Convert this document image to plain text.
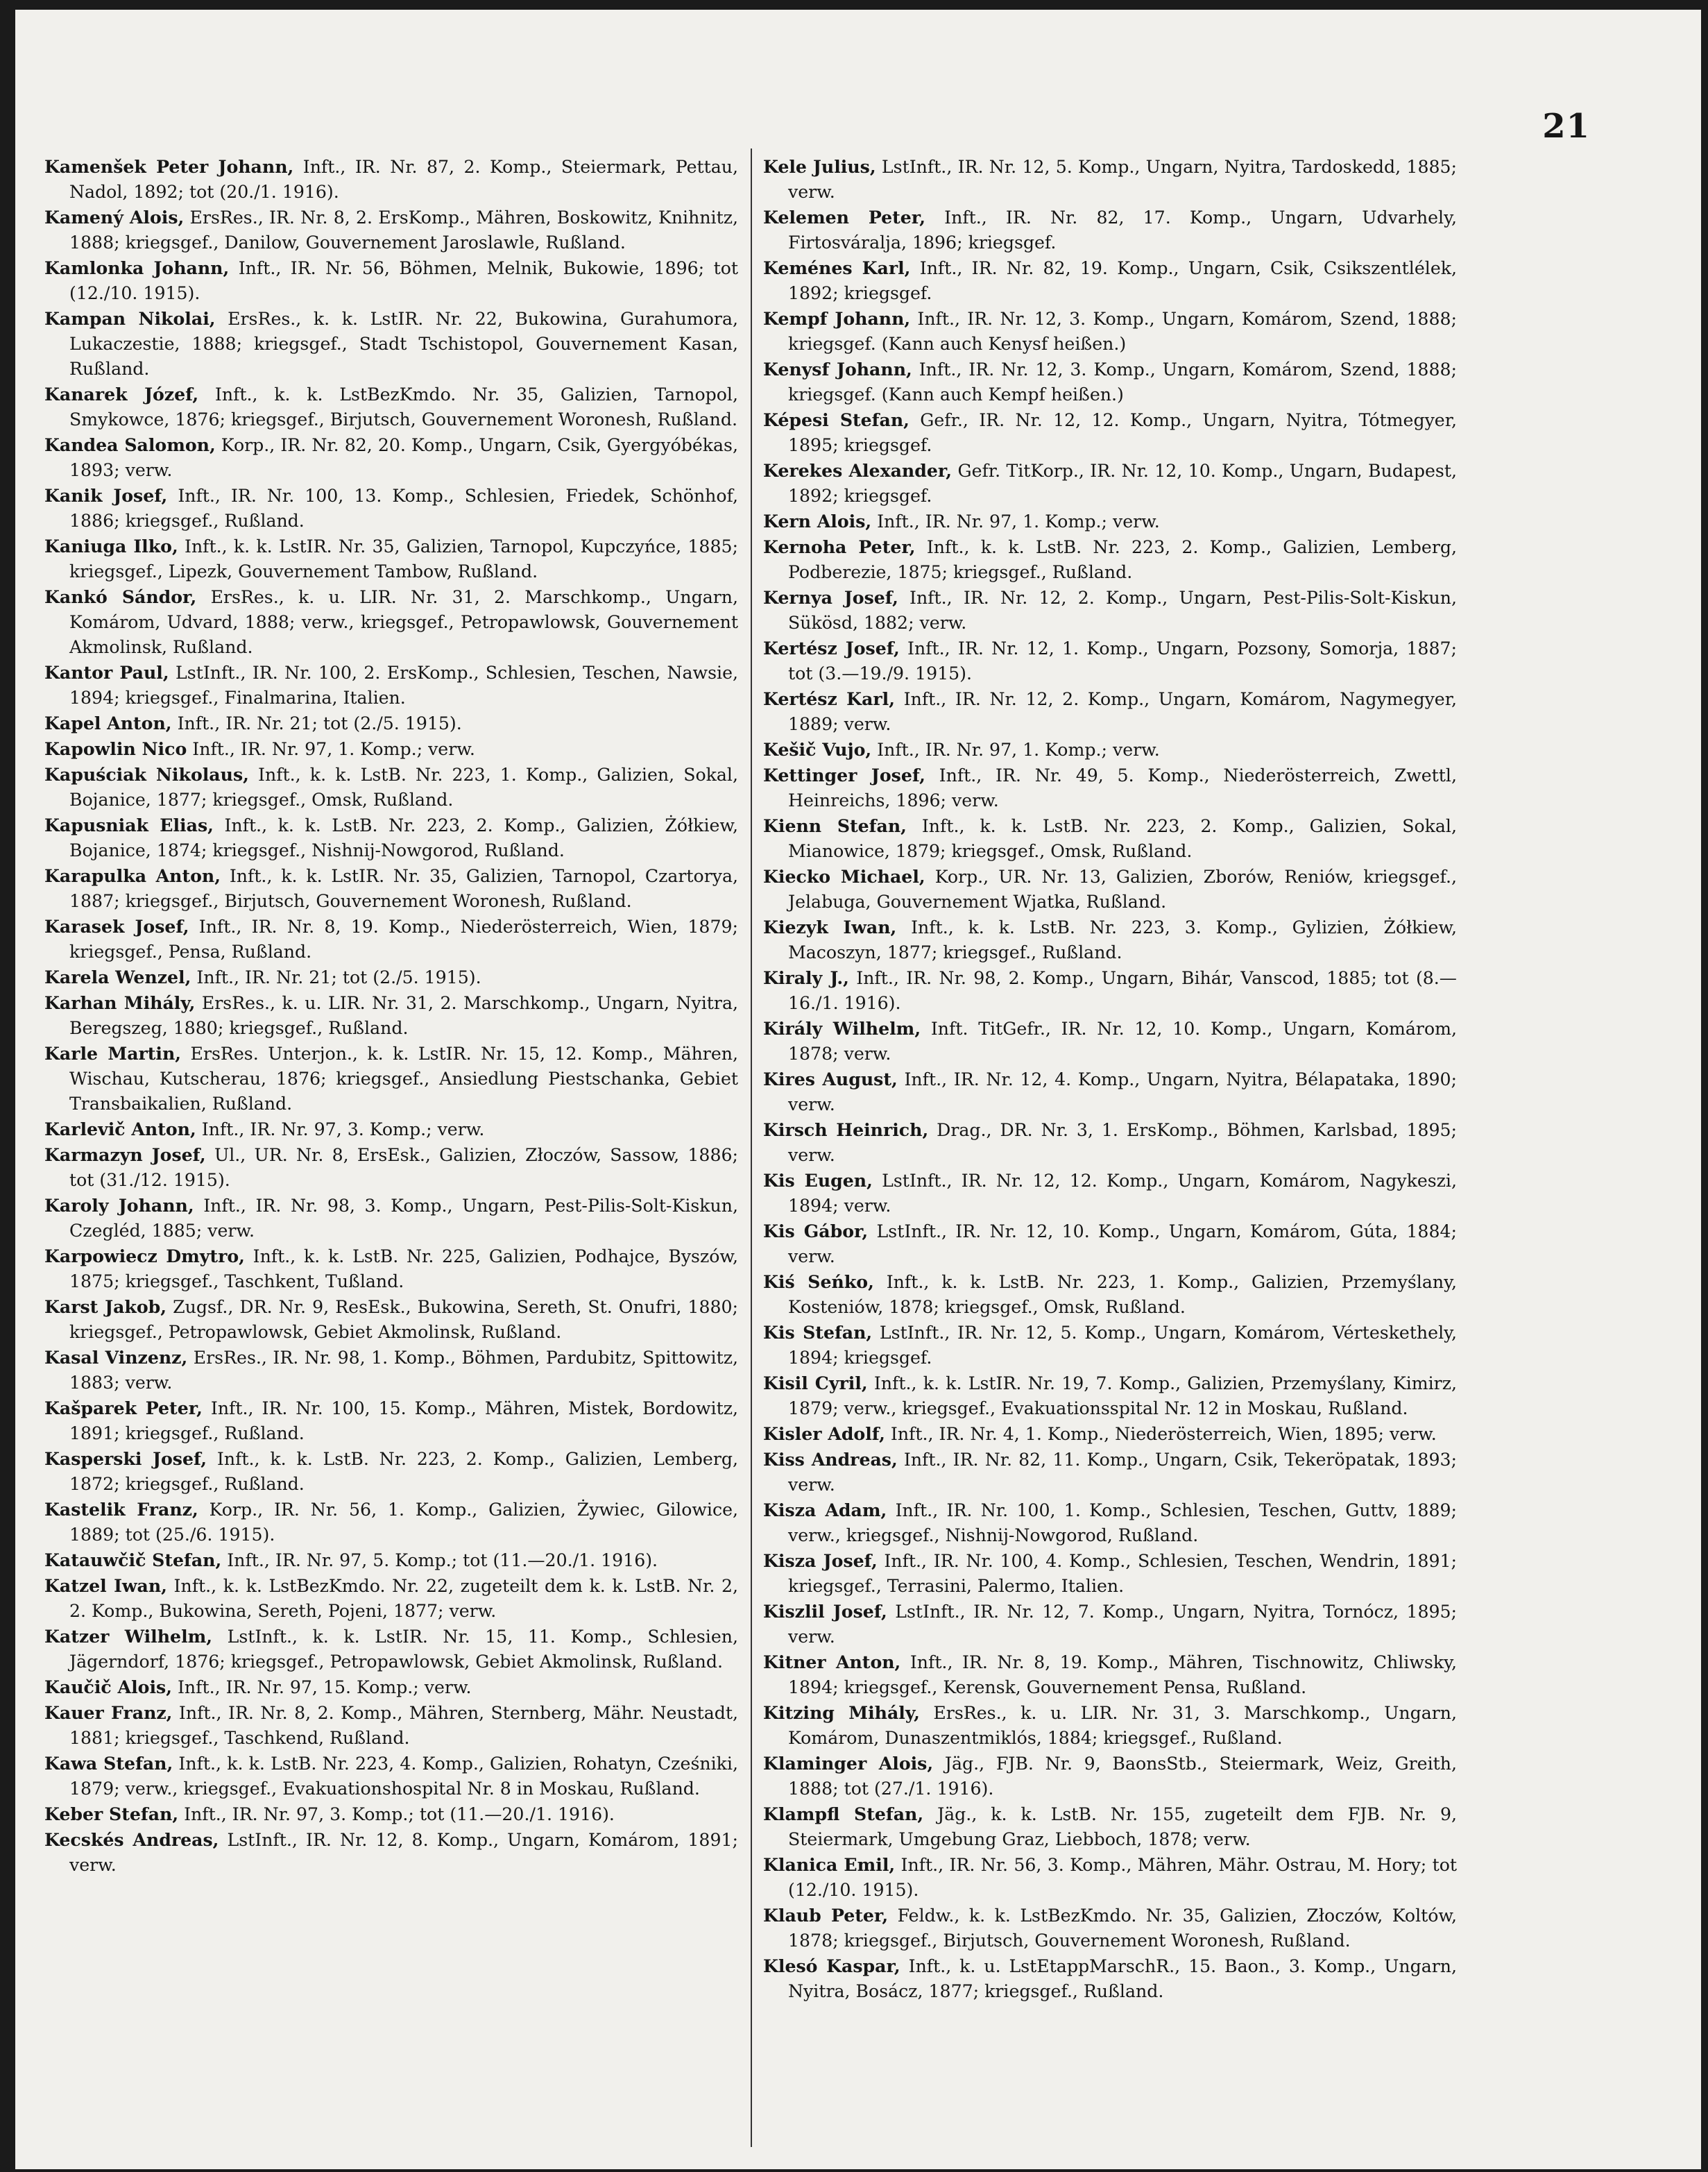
21

Kamenšek Peter Johann, Inft., IR. Nr. 87, 2. Komp., Steiermark, Pettau, Nadol, 1892; tot (20./1. 1916).

Kamený Alois, ErsRes., IR. Nr. 8, 2. ErsKomp., Mähren, Boskowitz, Knihnitz, 1888; kriegsgef., Danilow, Gouvernement Jaroslawle, Rußland.

Kamlonka Johann, Inft., IR. Nr. 56, Böhmen, Melnik, Bukowie, 1896; tot (12./10. 1915).

Kampan Nikolai, ErsRes., k. k. LstIR. Nr. 22, Bukowina, Gurahumora, Lukaczestie, 1888; kriegsgef., Stadt Tschistopol, Gouvernement Kasan, Rußland.

Kanarek Józef, Inft., k. k. LstBezKmdo. Nr. 35, Galizien, Tarnopol, Smykowce, 1876; kriegsgef., Birjutsch, Gouvernement Woronesh, Rußland.

Kandea Salomon, Korp., IR. Nr. 82, 20. Komp., Ungarn, Csik, Gyergyóbékas, 1893; verw.

Kanik Josef, Inft., IR. Nr. 100, 13. Komp., Schlesien, Friedek, Schönhof, 1886; kriegsgef., Rußland.

Kaniuga Ilko, Inft., k. k. LstIR. Nr. 35, Galizien, Tarnopol, Kupczyńce, 1885; kriegsgef., Lipezk, Gouvernement Tambow, Rußland.

Kankó Sándor, ErsRes., k. u. LIR. Nr. 31, 2. Marschkomp., Ungarn, Komárom, Udvard, 1888; verw., kriegsgef., Petropawlowsk, Gouvernement Akmolinsk, Rußland.

Kantor Paul, LstInft., IR. Nr. 100, 2. ErsKomp., Schlesien, Teschen, Nawsie, 1894; kriegsgef., Finalmarina, Italien.

Kapel Anton, Inft., IR. Nr. 21; tot (2./5. 1915).

Kapowlin Nico Inft., IR. Nr. 97, 1. Komp.; verw.

Kapuściak Nikolaus, Inft., k. k. LstB. Nr. 223, 1. Komp., Galizien, Sokal, Bojanice, 1877; kriegsgef., Omsk, Rußland.

Kapusniak Elias, Inft., k. k. LstB. Nr. 223, 2. Komp., Galizien, Żółkiew, Bojanice, 1874; kriegsgef., Nishnij-Nowgorod, Rußland.

Karapulka Anton, Inft., k. k. LstIR. Nr. 35, Galizien, Tarnopol, Czartorya, 1887; kriegsgef., Birjutsch, Gouvernement Woronesh, Rußland.

Karasek Josef, Inft., IR. Nr. 8, 19. Komp., Niederösterreich, Wien, 1879; kriegsgef., Pensa, Rußland.

Karela Wenzel, Inft., IR. Nr. 21; tot (2./5. 1915).

Karhan Mihály, ErsRes., k. u. LIR. Nr. 31, 2. Marschkomp., Ungarn, Nyitra, Beregszeg, 1880; kriegsgef., Rußland.

Karle Martin, ErsRes. Unterjon., k. k. LstIR. Nr. 15, 12. Komp., Mähren, Wischau, Kutscherau, 1876; kriegsgef., Ansiedlung Piestschanka, Gebiet Transbaikalien, Rußland.

Karlevič Anton, Inft., IR. Nr. 97, 3. Komp.; verw.

Karmazyn Josef, Ul., UR. Nr. 8, ErsEsk., Galizien, Złoczów, Sassow, 1886; tot (31./12. 1915).

Karoly Johann, Inft., IR. Nr. 98, 3. Komp., Ungarn, Pest-Pilis-Solt-Kiskun, Czegléd, 1885; verw.

Karpowiecz Dmytro, Inft., k. k. LstB. Nr. 225, Galizien, Podhajce, Byszów, 1875; kriegsgef., Taschkent, Tußland.

Karst Jakob, Zugsf., DR. Nr. 9, ResEsk., Bukowina, Sereth, St. Onufri, 1880; kriegsgef., Petropawlowsk, Gebiet Akmolinsk, Rußland.

Kasal Vinzenz, ErsRes., IR. Nr. 98, 1. Komp., Böhmen, Pardubitz, Spittowitz, 1883; verw.

Kašparek Peter, Inft., IR. Nr. 100, 15. Komp., Mähren, Mistek, Bordowitz, 1891; kriegsgef., Rußland.

Kasperski Josef, Inft., k. k. LstB. Nr. 223, 2. Komp., Galizien, Lemberg, 1872; kriegsgef., Rußland.

Kastelik Franz, Korp., IR. Nr. 56, 1. Komp., Galizien, Żywiec, Gilowice, 1889; tot (25./6. 1915).

Katauwčič Stefan, Inft., IR. Nr. 97, 5. Komp.; tot (11.—20./1. 1916).

Katzel Iwan, Inft., k. k. LstBezKmdo. Nr. 22, zugeteilt dem k. k. LstB. Nr. 2, 2. Komp., Bukowina, Sereth, Pojeni, 1877; verw.

Katzer Wilhelm, LstInft., k. k. LstIR. Nr. 15, 11. Komp., Schlesien, Jägerndorf, 1876; kriegsgef., Petropawlowsk, Gebiet Akmolinsk, Rußland.

Kaučič Alois, Inft., IR. Nr. 97, 15. Komp.; verw.

Kauer Franz, Inft., IR. Nr. 8, 2. Komp., Mähren, Sternberg, Mähr. Neustadt, 1881; kriegsgef., Taschkend, Rußland.

Kawa Stefan, Inft., k. k. LstB. Nr. 223, 4. Komp., Galizien, Rohatyn, Cześniki, 1879; verw., kriegsgef., Evakuationshospital Nr. 8 in Moskau, Rußland.

Keber Stefan, Inft., IR. Nr. 97, 3. Komp.; tot (11.—20./1. 1916).

Kecskés Andreas, LstInft., IR. Nr. 12, 8. Komp., Ungarn, Komárom, 1891; verw.

Kele Julius, LstInft., IR. Nr. 12, 5. Komp., Ungarn, Nyitra, Tardoskedd, 1885; verw.

Kelemen Peter, Inft., IR. Nr. 82, 17. Komp., Ungarn, Udvarhely, Firtosváralja, 1896; kriegsgef.

Keménes Karl, Inft., IR. Nr. 82, 19. Komp., Ungarn, Csik, Csikszentlélek, 1892; kriegsgef.

Kempf Johann, Inft., IR. Nr. 12, 3. Komp., Ungarn, Komárom, Szend, 1888; kriegsgef. (Kann auch Kenysf heißen.)

Kenysf Johann, Inft., IR. Nr. 12, 3. Komp., Ungarn, Komárom, Szend, 1888; kriegsgef. (Kann auch Kempf heißen.)

Képesi Stefan, Gefr., IR. Nr. 12, 12. Komp., Ungarn, Nyitra, Tótmegyer, 1895; kriegsgef.

Kerekes Alexander, Gefr. TitKorp., IR. Nr. 12, 10. Komp., Ungarn, Budapest, 1892; kriegsgef.

Kern Alois, Inft., IR. Nr. 97, 1. Komp.; verw.

Kernoha Peter, Inft., k. k. LstB. Nr. 223, 2. Komp., Galizien, Lemberg, Podberezie, 1875; kriegsgef., Rußland.

Kernya Josef, Inft., IR. Nr. 12, 2. Komp., Ungarn, Pest-Pilis-Solt-Kiskun, Sükösd, 1882; verw.

Kertész Josef, Inft., IR. Nr. 12, 1. Komp., Ungarn, Pozsony, Somorja, 1887; tot (3.—19./9. 1915).

Kertész Karl, Inft., IR. Nr. 12, 2. Komp., Ungarn, Komárom, Nagymegyer, 1889; verw.

Kešič Vujo, Inft., IR. Nr. 97, 1. Komp.; verw.

Kettinger Josef, Inft., IR. Nr. 49, 5. Komp., Niederösterreich, Zwettl, Heinreichs, 1896; verw.

Kienn Stefan, Inft., k. k. LstB. Nr. 223, 2. Komp., Galizien, Sokal, Mianowice, 1879; kriegsgef., Omsk, Rußland.

Kiecko Michael, Korp., UR. Nr. 13, Galizien, Zborów, Reniów, kriegsgef., Jelabuga, Gouvernement Wjatka, Rußland.

Kiezyk Iwan, Inft., k. k. LstB. Nr. 223, 3. Komp., Gylizien, Żółkiew, Macoszyn, 1877; kriegsgef., Rußland.

Kiraly J., Inft., IR. Nr. 98, 2. Komp., Ungarn, Bihár, Vanscod, 1885; tot (8.—16./1. 1916).

Király Wilhelm, Inft. TitGefr., IR. Nr. 12, 10. Komp., Ungarn, Komárom, 1878; verw.

Kires August, Inft., IR. Nr. 12, 4. Komp., Ungarn, Nyitra, Bélapataka, 1890; verw.

Kirsch Heinrich, Drag., DR. Nr. 3, 1. ErsKomp., Böhmen, Karlsbad, 1895; verw.

Kis Eugen, LstInft., IR. Nr. 12, 12. Komp., Ungarn, Komárom, Nagykeszi, 1894; verw.

Kis Gábor, LstInft., IR. Nr. 12, 10. Komp., Ungarn, Komárom, Gúta, 1884; verw.

Kiś Seńko, Inft., k. k. LstB. Nr. 223, 1. Komp., Galizien, Przemyślany, Kosteniów, 1878; kriegsgef., Omsk, Rußland.

Kis Stefan, LstInft., IR. Nr. 12, 5. Komp., Ungarn, Komárom, Vérteskethely, 1894; kriegsgef.

Kisil Cyril, Inft., k. k. LstIR. Nr. 19, 7. Komp., Galizien, Przemyślany, Kimirz, 1879; verw., kriegsgef., Evakuationsspital Nr. 12 in Moskau, Rußland.

Kisler Adolf, Inft., IR. Nr. 4, 1. Komp., Niederösterreich, Wien, 1895; verw.

Kiss Andreas, Inft., IR. Nr. 82, 11. Komp., Ungarn, Csik, Tekeröpatak, 1893; verw.

Kisza Adam, Inft., IR. Nr. 100, 1. Komp., Schlesien, Teschen, Guttv, 1889; verw., kriegsgef., Nishnij-Nowgorod, Rußland.

Kisza Josef, Inft., IR. Nr. 100, 4. Komp., Schlesien, Teschen, Wendrin, 1891; kriegsgef., Terrasini, Palermo, Italien.

Kiszlil Josef, LstInft., IR. Nr. 12, 7. Komp., Ungarn, Nyitra, Tornócz, 1895; verw.

Kitner Anton, Inft., IR. Nr. 8, 19. Komp., Mähren, Tischnowitz, Chliwsky, 1894; kriegsgef., Kerensk, Gouvernement Pensa, Rußland.

Kitzing Mihály, ErsRes., k. u. LIR. Nr. 31, 3. Marschkomp., Ungarn, Komárom, Dunaszentmiklós, 1884; kriegsgef., Rußland.

Klaminger Alois, Jäg., FJB. Nr. 9, BaonsStb., Steiermark, Weiz, Greith, 1888; tot (27./1. 1916).

Klampfl Stefan, Jäg., k. k. LstB. Nr. 155, zugeteilt dem FJB. Nr. 9, Steiermark, Umgebung Graz, Liebboch, 1878; verw.

Klanica Emil, Inft., IR. Nr. 56, 3. Komp., Mähren, Mähr. Ostrau, M. Hory; tot (12./10. 1915).

Klaub Peter, Feldw., k. k. LstBezKmdo. Nr. 35, Galizien, Złoczów, Koltów, 1878; kriegsgef., Birjutsch, Gouvernement Woronesh, Rußland.

Klesó Kaspar, Inft., k. u. LstEtappMarschR., 15. Baon., 3. Komp., Ungarn, Nyitra, Bosácz, 1877; kriegsgef., Rußland.
